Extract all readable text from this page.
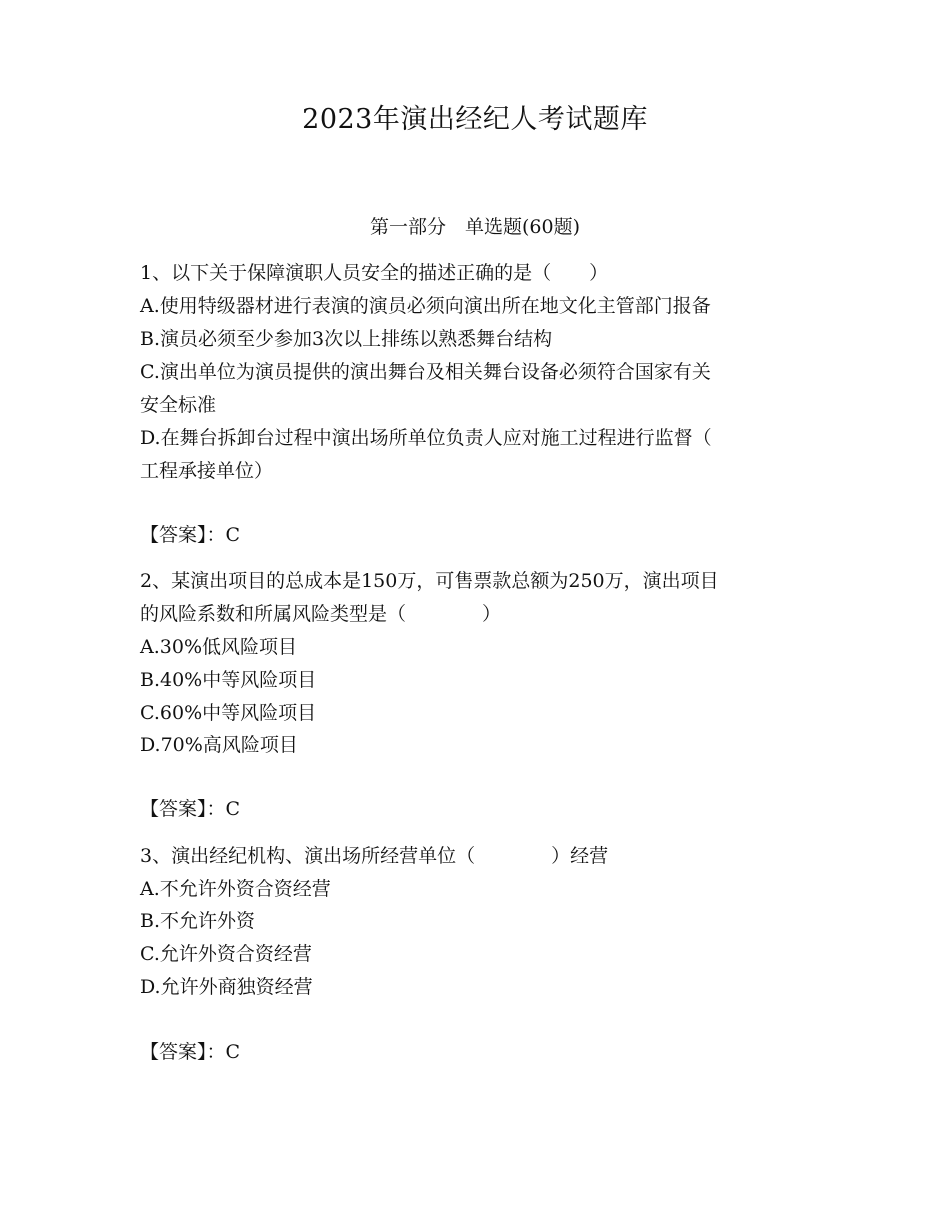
2023年演出经纪人考试题库
第一部分　单选题(60题)
1、以下关于保障演职人员安全的描述正确的是（　　）
A.使用特级器材进行表演的演员必须向演出所在地文化主管部门报备
B.演员必须至少参加3次以上排练以熟悉舞台结构
C.演出单位为演员提供的演出舞台及相关舞台设备必须符合国家有关
安全标准
D.在舞台拆卸台过程中演出场所单位负责人应对施工过程进行监督（
工程承接单位）
【答案】：C
2、某演出项目的总成本是150万，可售票款总额为250万，演出项目
的风险系数和所属风险类型是（　　　　）
A.30%低风险项目
B.40%中等风险项目
C.60%中等风险项目
D.70%高风险项目
【答案】：C
3、演出经纪机构、演出场所经营单位（　　　　）经营
A.不允许外资合资经营
B.不允许外资
C.允许外资合资经营
D.允许外商独资经营
【答案】：C
